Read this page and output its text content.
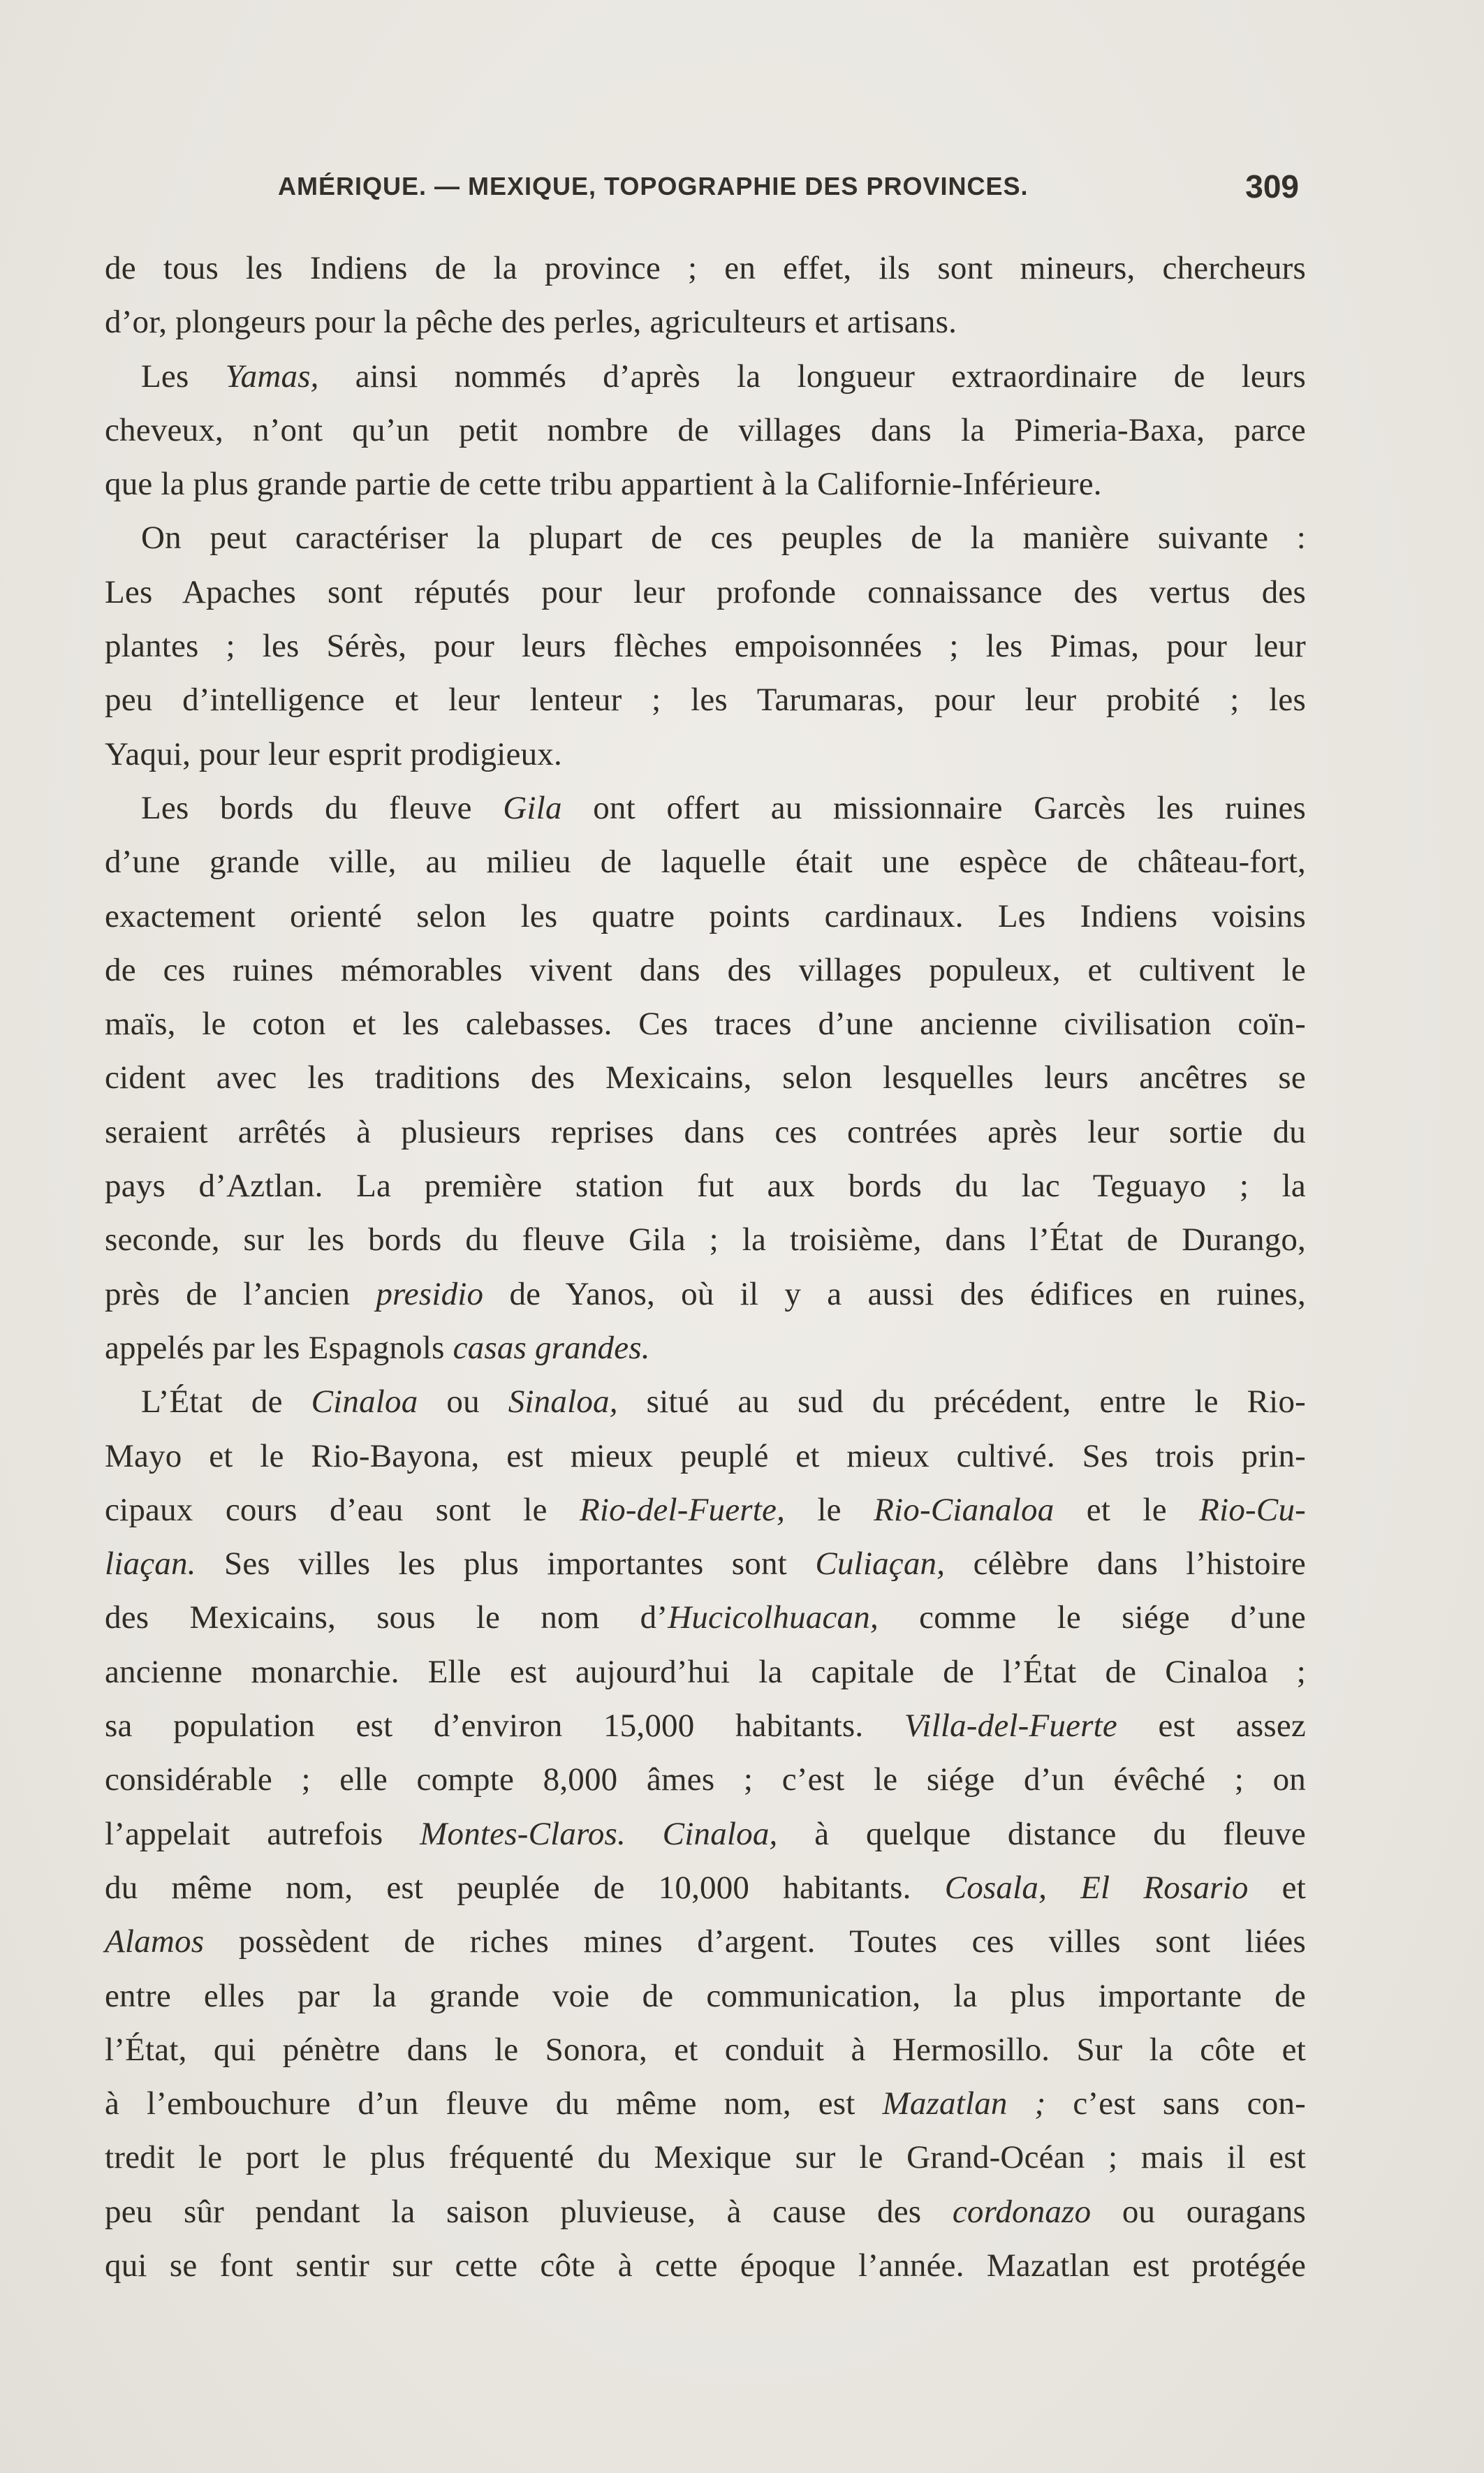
AMÉRIQUE. — MEXIQUE, TOPOGRAPHIE DES PROVINCES.	309
de tous les Indiens de la province ; en effet, ils sont mineurs, chercheurs
d’or, plongeurs pour la pêche des perles, agriculteurs et artisans.
Les Yamas, ainsi nommés d’après la longueur extraordinaire de leurs
cheveux, n’ont qu’un petit nombre de villages dans la Pimeria-Baxa, parce
que la plus grande partie de cette tribu appartient à la Californie-Inférieure.
On peut caractériser la plupart de ces peuples de la manière suivante :
Les Apaches sont réputés pour leur profonde connaissance des vertus des
plantes ; les Sérès, pour leurs flèches empoisonnées ; les Pimas, pour leur
peu d’intelligence et leur lenteur ; les Tarumaras, pour leur probité ; les
Yaqui, pour leur esprit prodigieux.
Les bords du fleuve Gila ont offert au missionnaire Garcès les ruines
d’une grande ville, au milieu de laquelle était une espèce de château-fort,
exactement orienté selon les quatre points cardinaux. Les Indiens voisins
de ces ruines mémorables vivent dans des villages populeux, et cultivent le
maïs, le coton et les calebasses. Ces traces d’une ancienne civilisation coïn-
cident avec les traditions des Mexicains, selon lesquelles leurs ancêtres se
seraient arrêtés à plusieurs reprises dans ces contrées après leur sortie du
pays d’Aztlan. La première station fut aux bords du lac Teguayo ; la
seconde, sur les bords du fleuve Gila ; la troisième, dans l’État de Durango,
près de l’ancien presidio de Yanos, où il y a aussi des édifices en ruines,
appelés par les Espagnols casas grandes.
L’État de Cinaloa ou Sinaloa, situé au sud du précédent, entre le Rio-
Mayo et le Rio-Bayona, est mieux peuplé et mieux cultivé. Ses trois prin-
cipaux cours d’eau sont le Rio-del-Fuerte, le Rio-Cianaloa et le Rio-Cu-
liaçan. Ses villes les plus importantes sont Culiaçan, célèbre dans l’histoire
des Mexicains, sous le nom d’Hucicolhuacan, comme le siége d’une
ancienne monarchie. Elle est aujourd’hui la capitale de l’État de Cinaloa ;
sa population est d’environ 15,000 habitants. Villa-del-Fuerte est assez
considérable ; elle compte 8,000 âmes ; c’est le siége d’un évêché ; on
l’appelait autrefois Montes-Claros. Cinaloa, à quelque distance du fleuve
du même nom, est peuplée de 10,000 habitants. Cosala, El Rosario et
Alamos possèdent de riches mines d’argent. Toutes ces villes sont liées
entre elles par la grande voie de communication, la plus importante de
l’État, qui pénètre dans le Sonora, et conduit à Hermosillo. Sur la côte et
à l’embouchure d’un fleuve du même nom, est Mazatlan ; c’est sans con-
tredit le port le plus fréquenté du Mexique sur le Grand-Océan ; mais il est
peu sûr pendant la saison pluvieuse, à cause des cordonazo ou ouragans
qui se font sentir sur cette côte à cette époque l’année. Mazatlan est protégée
